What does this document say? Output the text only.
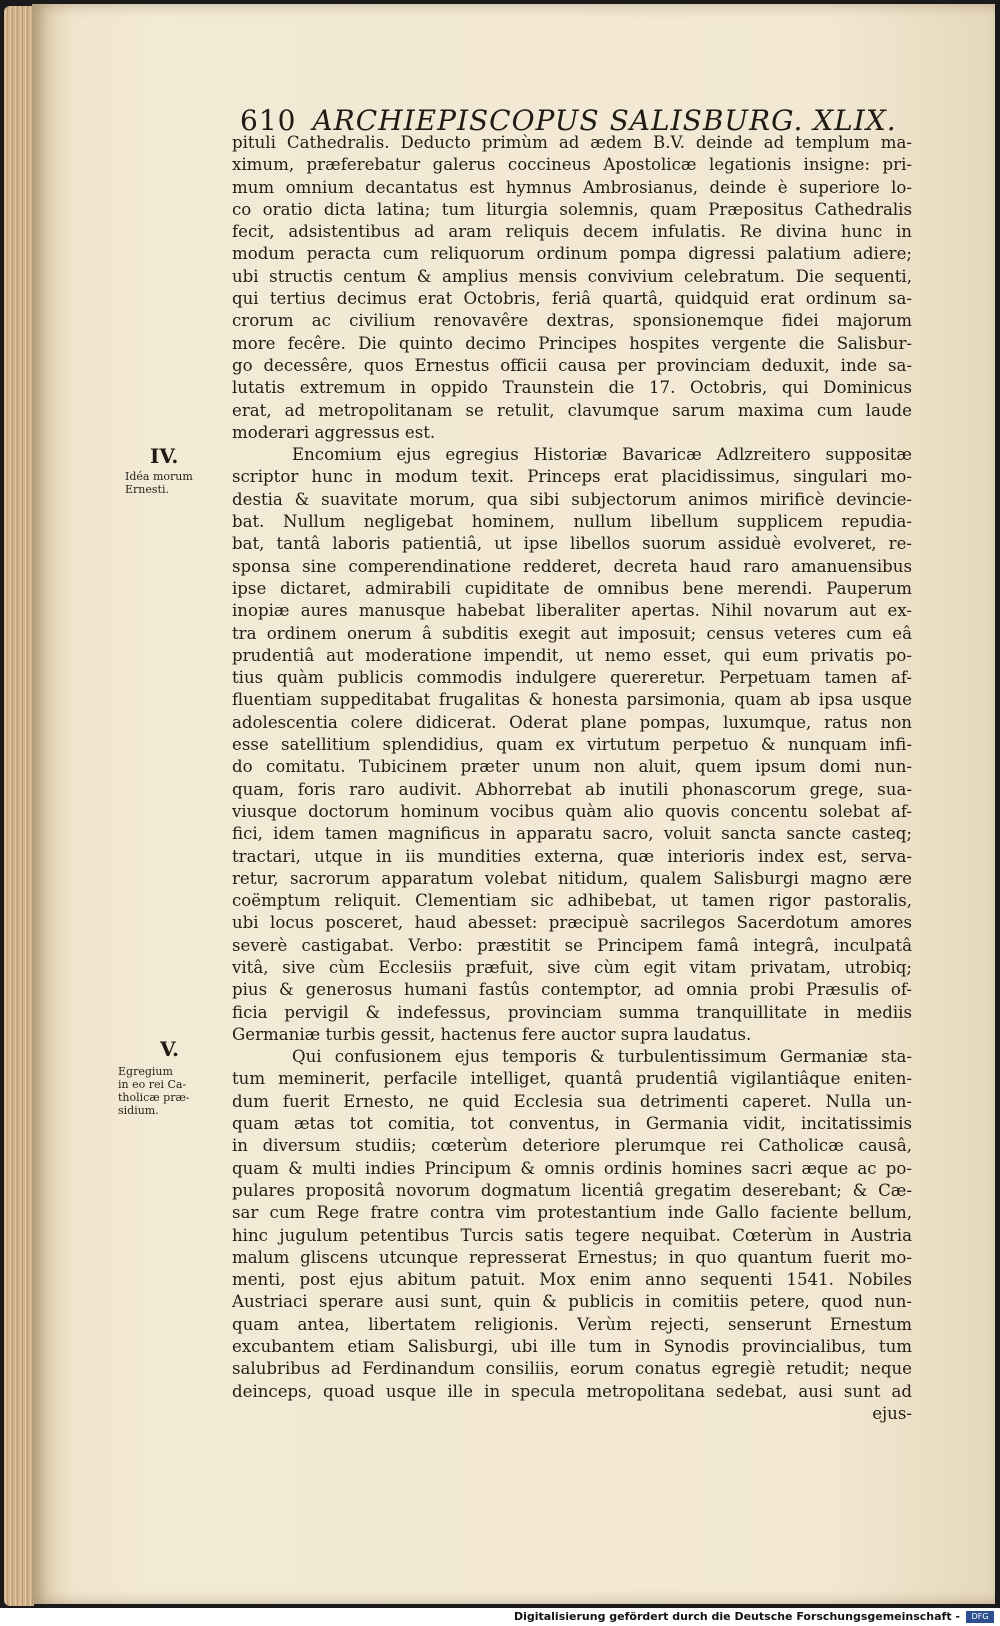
610 ARCHIEPISCOPUS SALISBURG. XLIX.
IV.
Idéa morum
Ernesti.
V.
Egregium
in eo rei Ca-
tholicæ præ-
sidium.
pituli Cathedralis. Deducto primùm ad ædem B.V. deinde ad templum ma-
ximum, præferebatur galerus coccineus Apostolicæ legationis insigne: pri-
mum omnium decantatus est hymnus Ambrosianus, deinde è superiore lo-
co oratio dicta latina; tum liturgia solemnis, quam Præpositus Cathedralis
fecit, adsistentibus ad aram reliquis decem infulatis. Re divina hunc in
modum peracta cum reliquorum ordinum pompa digressi palatium adiere;
ubi structis centum & amplius mensis convivium celebratum. Die sequenti,
qui tertius decimus erat Octobris, feriâ quartâ, quidquid erat ordinum sa-
crorum ac civilium renovavêre dextras, sponsionemque fidei majorum
more fecêre. Die quinto decimo Principes hospites vergente die Salisbur-
go decessêre, quos Ernestus officii causa per provinciam deduxit, inde sa-
lutatis extremum in oppido Traunstein die 17. Octobris, qui Dominicus
erat, ad metropolitanam se retulit, clavumque sarum maxima cum laude
moderari aggressus est.
Encomium ejus egregius Historiæ Bavaricæ Adlzreitero suppositæ
scriptor hunc in modum texit. Princeps erat placidissimus, singulari mo-
destia & suavitate morum, qua sibi subjectorum animos mirificè devincie-
bat. Nullum negligebat hominem, nullum libellum supplicem repudia-
bat, tantâ laboris patientiâ, ut ipse libellos suorum assiduè evolveret, re-
sponsa sine comperendinatione redderet, decreta haud raro amanuensibus
ipse dictaret, admirabili cupiditate de omnibus bene merendi. Pauperum
inopiæ aures manusque habebat liberaliter apertas. Nihil novarum aut ex-
tra ordinem onerum â subditis exegit aut imposuit; census veteres cum eâ
prudentiâ aut moderatione impendit, ut nemo esset, qui eum privatis po-
tius quàm publicis commodis indulgere quereretur. Perpetuam tamen af-
fluentiam suppeditabat frugalitas & honesta parsimonia, quam ab ipsa usque
adolescentia colere didicerat. Oderat plane pompas, luxumque, ratus non
esse satellitium splendidius, quam ex virtutum perpetuo & nunquam infi-
do comitatu. Tubicinem præter unum non aluit, quem ipsum domi nun-
quam, foris raro audivit. Abhorrebat ab inutili phonascorum grege, sua-
viusque doctorum hominum vocibus quàm alio quovis concentu solebat af-
fici, idem tamen magnificus in apparatu sacro, voluit sancta sancte casteq;
tractari, utque in iis mundities externa, quæ interioris index est, serva-
retur, sacrorum apparatum volebat nitidum, qualem Salisburgi magno ære
coëmptum reliquit. Clementiam sic adhibebat, ut tamen rigor pastoralis,
ubi locus posceret, haud abesset: præcipuè sacrilegos Sacerdotum amores
severè castigabat. Verbo: præstitit se Principem famâ integrâ, inculpatâ
vitâ, sive cùm Ecclesiis præfuit, sive cùm egit vitam privatam, utrobiq;
pius & generosus humani fastûs contemptor, ad omnia probi Præsulis of-
ficia pervigil & indefessus, provinciam summa tranquillitate in mediis
Germaniæ turbis gessit, hactenus fere auctor supra laudatus.
Qui confusionem ejus temporis & turbulentissimum Germaniæ sta-
tum meminerit, perfacile intelliget, quantâ prudentiâ vigilantiâque eniten-
dum fuerit Ernesto, ne quid Ecclesia sua detrimenti caperet. Nulla un-
quam ætas tot comitia, tot conventus, in Germania vidit, incitatissimis
in diversum studiis; cœterùm deteriore plerumque rei Catholicæ causâ,
quam & multi indies Principum & omnis ordinis homines sacri æque ac po-
pulares propositâ novorum dogmatum licentiâ gregatim deserebant; & Cæ-
sar cum Rege fratre contra vim protestantium inde Gallo faciente bellum,
hinc jugulum petentibus Turcis satis tegere nequibat. Cœterùm in Austria
malum gliscens utcunque represserat Ernestus; in quo quantum fuerit mo-
menti, post ejus abitum patuit. Mox enim anno sequenti 1541. Nobiles
Austriaci sperare ausi sunt, quin & publicis in comitiis petere, quod nun-
quam antea, libertatem religionis. Verùm rejecti, senserunt Ernestum
excubantem etiam Salisburgi, ubi ille tum in Synodis provincialibus, tum
salubribus ad Ferdinandum consiliis, eorum conatus egregiè retudit; neque
deinceps, quoad usque ille in specula metropolitana sedebat, ausi sunt ad
ejus-
Digitalisierung gefördert durch die Deutsche Forschungsgemeinschaft -	DFG
